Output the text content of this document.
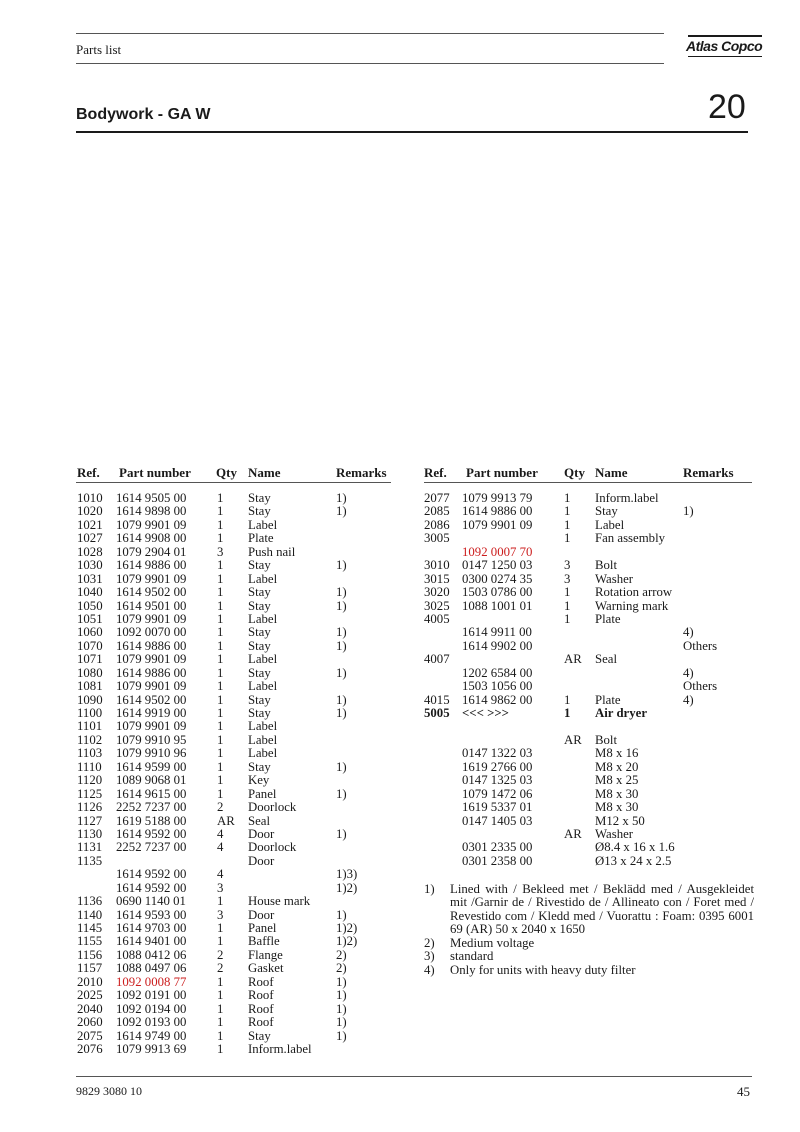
Parts list	Atlas Copco
Bodywork - GA W	20
Ref. Part number Qty Name	Remarks	Ref. Part number Qty Name	Remarks
1010 1614 9505 00 1 Stay	1)
1020 1614 9898 00 1 Stay	1)
1021 1079 9901 09 1 Label
1027 1614 9908 00 1 Plate
1028 1079 2904 01 3 Push nail
1030 1614 9886 00 1 Stay	1)
1031 1079 9901 09 1 Label
1040 1614 9502 00 1 Stay	1)
1050 1614 9501 00 1 Stay	1)
1051 1079 9901 09 1 Label
1060 1092 0070 00 1 Stay	1)
1070 1614 9886 00 1 Stay	1)
1071 1079 9901 09 1 Label
1080 1614 9886 00 1 Stay	1)
1081 1079 9901 09 1 Label
1090 1614 9502 00 1 Stay	1)
1100 1614 9919 00 1 Stay	1)
1101 1079 9901 09 1 Label
1102 1079 9910 95 1 Label
1103 1079 9910 96 1 Label
1110 1614 9599 00 1 Stay	1)
1120 1089 9068 01 1 Key
1125 1614 9615 00 1 Panel	1)
1126 2252 7237 00 2 Doorlock
1127 1619 5188 00 AR Seal
1130 1614 9592 00 4 Door	1)
1131 2252 7237 00 4 Doorlock
1135	Door
1614 9592 00 4	1)3)
1614 9592 00 3	1)2)
1136 0690 1140 01 1 House mark
1140 1614 9593 00 3 Door	1)
1145 1614 9703 00 1 Panel	1)2)
1155 1614 9401 00 1 Baffle	1)2)
1156 1088 0412 06 2 Flange	2)
1157 1088 0497 06 2 Gasket	2)
2010 1092 0008 77 1 Roof	1)
2025 1092 0191 00 1 Roof	1)
2040 1092 0194 00 1 Roof	1)
2060 1092 0193 00 1 Roof	1)
2075 1614 9749 00 1 Stay	1)
2076 1079 9913 69 1 Inform.label
2077 1079 9913 79 1 Inform.label
2085 1614 9886 00 1 Stay	1)
2086 1079 9901 09 1 Label
3005	1 Fan assembly
1092 0007 70
3010 0147 1250 03 3 Bolt
3015 0300 0274 35 3 Washer
3020 1503 0786 00 1 Rotation arrow
3025 1088 1001 01 1 Warning mark
4005	1 Plate
1614 9911 00	4)
1614 9902 00	Others
4007	AR Seal
1202 6584 00	4)
1503 1056 00	Others
4015 1614 9862 00 1 Plate	4)
5005 <<< >>>	1 Air dryer
AR Bolt
0147 1322 03	M8 x 16
1619 2766 00	M8 x 20
0147 1325 03	M8 x 25
1079 1472 06	M8 x 30
1619 5337 01	M8 x 30
0147 1405 03	M12 x 50
AR Washer
0301 2335 00	Ø8.4 x 16 x 1.6
0301 2358 00	Ø13 x 24 x 2.5
1) Lined with / Bekleed met / Beklädd med / Ausgekleidet mit /Garnir de / Rivestido de / Allineato con / Foret med / Revestido com / Kledd med / Vuorattu : Foam: 0395 6001 69 (AR) 50 x 2040 x 1650
2) Medium voltage
3) standard
4) Only for units with heavy duty filter
9829 3080 10	45
